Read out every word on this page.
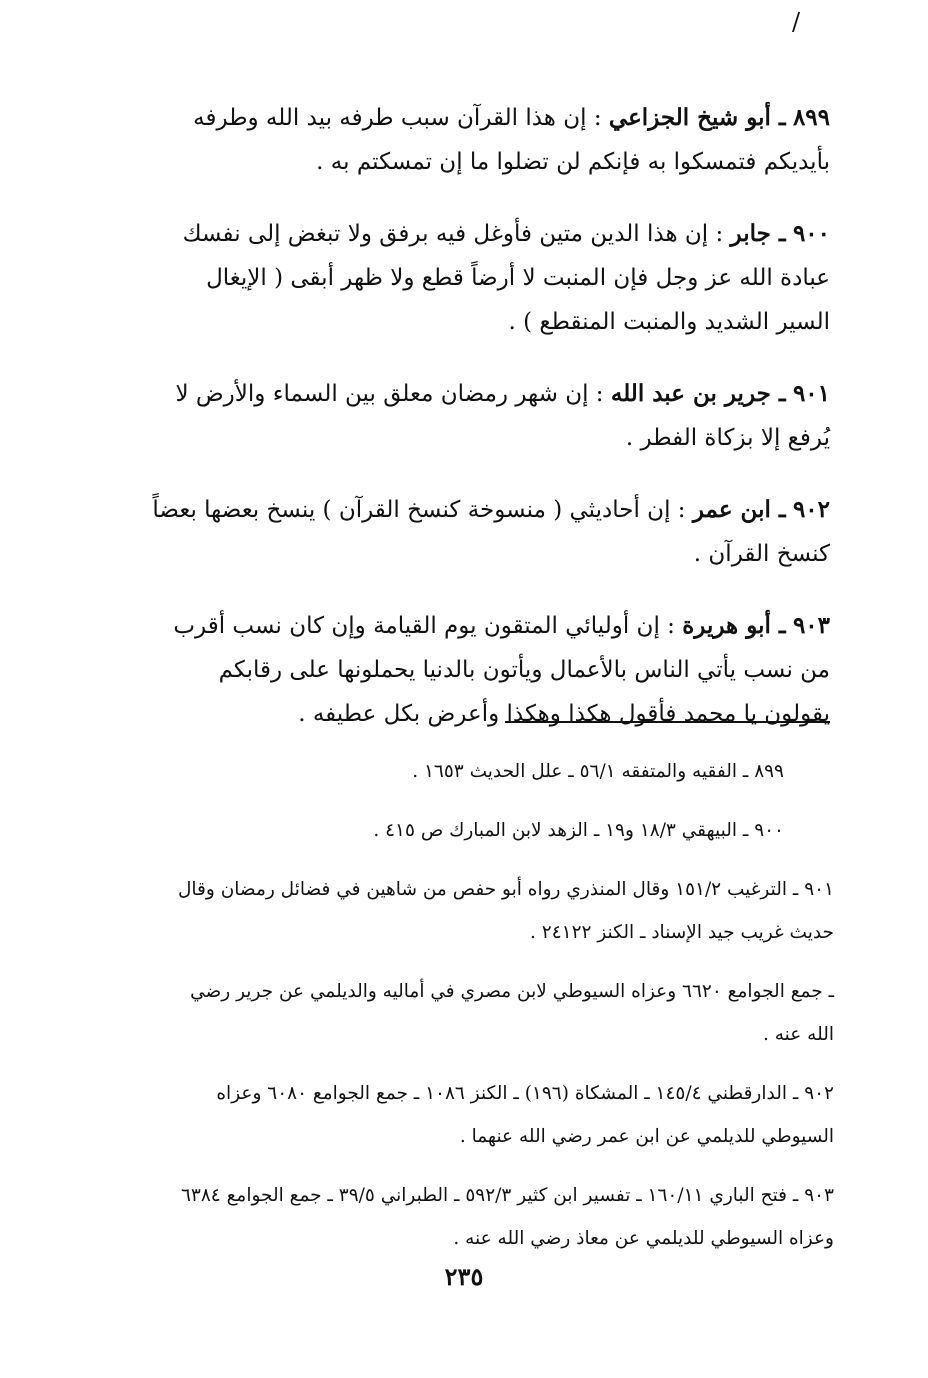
/

٨٩٩ ـ أبو شيخ الجزاعي : إن هذا القرآن سبب طرفه بيد الله وطرفه بأيديكم فتمسكوا به فإنكم لن تضلوا ما إن تمسكتم به .

٩٠٠ ـ جابر : إن هذا الدين متين فأوغل فيه برفق ولا تبغض إلى نفسك عبادة الله عز وجل فإن المنبت لا أرضاً قطع ولا ظهر أبقى ( الإيغال السير الشديد والمنبت المنقطع ) .

٩٠١ ـ جرير بن عبد الله : إن شهر رمضان معلق بين السماء والأرض لا يُرفع إلا بزكاة الفطر .

٩٠٢ ـ ابن عمر : إن أحاديثي ( منسوخة كنسخ القرآن ) ينسخ بعضها بعضاً كنسخ القرآن .

٩٠٣ ـ أبو هريرة : إن أوليائي المتقون يوم القيامة وإن كان نسب أقرب من نسب يأتي الناس بالأعمال ويأتون بالدنيا يحملونها على رقابكم يقولون يا محمد فأقول هكذا وهكذا وأعرض بكل عطيفه .

٨٩٩ ـ الفقيه والمتفقه ٥٦/١ ـ علل الحديث ١٦٥٣ .

٩٠٠ ـ البيهقي ١٨/٣ و١٩ ـ الزهد لابن المبارك ص ٤١٥ .

٩٠١ ـ الترغيب ١٥١/٢ وقال المنذري رواه أبو حفص من شاهين في فضائل رمضان وقال حديث غريب جيد الإسناد ـ الكنز ٢٤١٢٢ .

ـ جمع الجوامع ٦٦٢٠ وعزاه السيوطي لابن مصري في أماليه والديلمي عن جرير رضي الله عنه .

٩٠٢ ـ الدارقطني ١٤٥/٤ ـ المشكاة (١٩٦) ـ الكنز ١٠٨٦ ـ جمع الجوامع ٦٠٨٠ وعزاه السيوطي للديلمي عن ابن عمر رضي الله عنهما .

٩٠٣ ـ فتح الباري ١٦٠/١١ ـ تفسير ابن كثير ٥٩٢/٣ ـ الطبراني ٣٩/٥ ـ جمع الجوامع ٦٣٨٤ وعزاه السيوطي للديلمي عن معاذ رضي الله عنه .

٢٣٥
